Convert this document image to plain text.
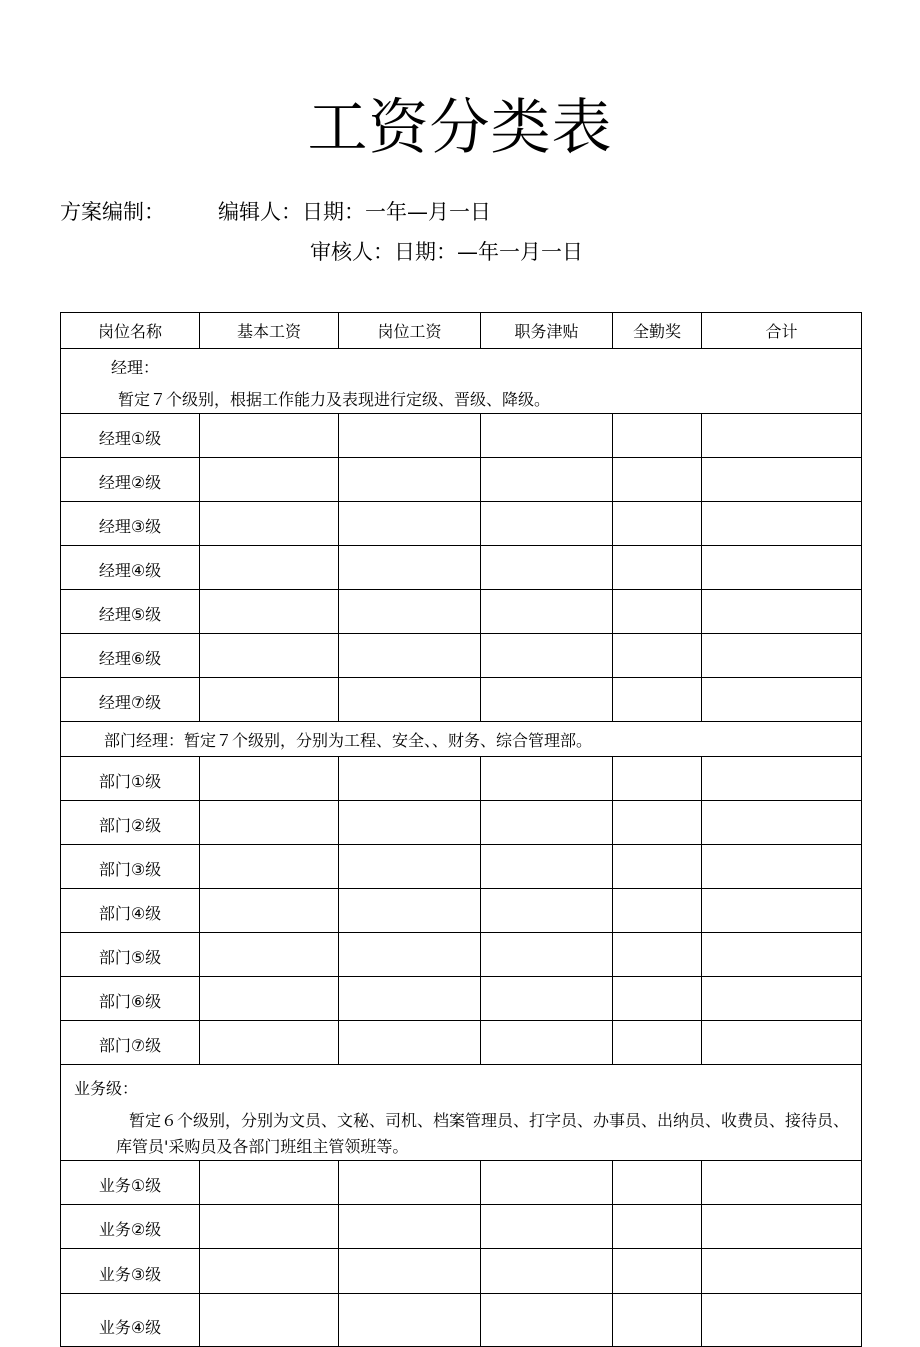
工资分类表
方案编制：	编辑人：日期：一年—月一日
审核人：日期：—年一月一日
岗位名称	基本工资	岗位工资	职务津贴	全勤奖	合计

经理：
暂定７个级别，根据工作能力及表现进行定级、晋级、降级。					

经理①级					
经理②级					
经理③级					
经理④级					
经理⑤级					
经理⑥级					
经理⑦级					

部门经理：暂定７个级别，分别为工程、安全、、财务、综合管理部。					

部门①级					
部门②级					
部门③级					
部门④级					
部门⑤级					
部门⑥级					
部门⑦级					

业务级：
暂定６个级别，分别为文员、文秘、司机、档案管理员、打字员、办事员、出纳员、收费员、接待员、库管员'采购员及各部门班组主管领班等。					

业务①级					
业务②级					
业务③级					
业务④级					
